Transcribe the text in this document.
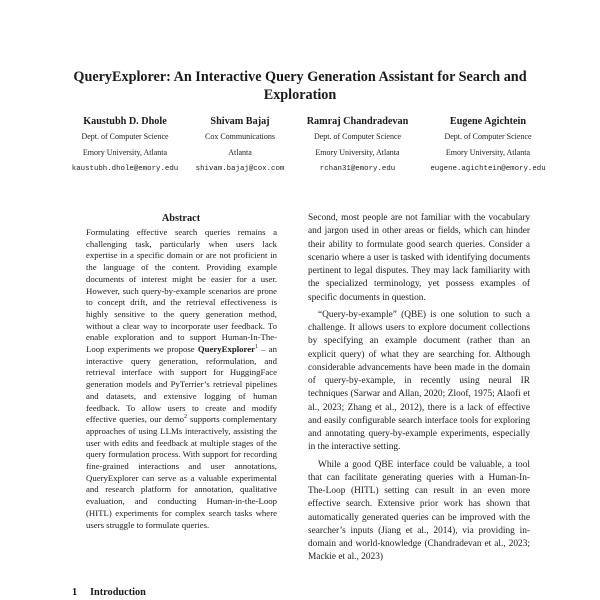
QueryExplorer: An Interactive Query Generation Assistant for Search and Exploration
Kaustubh D. Dhole
Dept. of Computer Science
Emory University, Atlanta
kaustubh.dhole@emory.edu
Shivam Bajaj
Cox Communications
Atlanta
shivam.bajaj@cox.com
Ramraj Chandradevan
Dept. of Computer Science
Emory University, Atlanta
rchan31@emory.edu
Eugene Agichtein
Dept. of Computer Science
Emory University, Atlanta
eugene.agichtein@emory.edu
Abstract

Formulating effective search queries remains a challenging task, particularly when users lack expertise in a specific domain or are not proficient in the language of the content. Providing example documents of interest might be easier for a user. However, such query-by-example scenarios are prone to concept drift, and the retrieval effectiveness is highly sensitive to the query generation method, without a clear way to incorporate user feedback. To enable exploration and to support Human-In-The-Loop experiments we propose QueryExplorer$^1$ – an interactive query generation, reformulation, and retrieval interface with support for HuggingFace generation models and PyTerrier’s retrieval pipelines and datasets, and extensive logging of human feedback. To allow users to create and modify effective queries, our demo$^2$ supports complementary approaches of using LLMs interactively, assisting the user with edits and feedback at multiple stages of the query formulation process. With support for recording fine-grained interactions and user annotations, QueryExplorer can serve as a valuable experimental and research platform for annotation, qualitative evaluation, and conducting Human-in-the-Loop (HITL) experiments for complex search tasks where users struggle to formulate queries.

1 Introduction

Second, most people are not familiar with the vocabulary and jargon used in other areas or fields, which can hinder their ability to formulate good search queries. Consider a scenario where a user is tasked with identifying documents pertinent to legal disputes. They may lack familiarity with the specialized terminology, yet possess examples of specific documents in question.

“Query-by-example” (QBE) is one solution to such a challenge. It allows users to explore document collections by specifying an example document (rather than an explicit query) of what they are searching for. Although considerable advancements have been made in the domain of query-by-example, in recently using neural IR techniques (Sarwar and Allan, 2020; Zloof, 1975; Alaofi et al., 2023; Zhang et al., 2012), there is a lack of effective and easily configurable search interface tools for exploring and annotating query-by-example experiments, especially in the interactive setting.

While a good QBE interface could be valuable, a tool that can facilitate generating queries with a Human-In-The-Loop (HITL) setting can result in an even more effective search. Extensive prior work has shown that automatically generated queries can be improved with the searcher’s inputs (Jiang et al., 2014), via providing in-domain and world-knowledge (Chandradevan et al., 2023; Mackie et al., 2023)
